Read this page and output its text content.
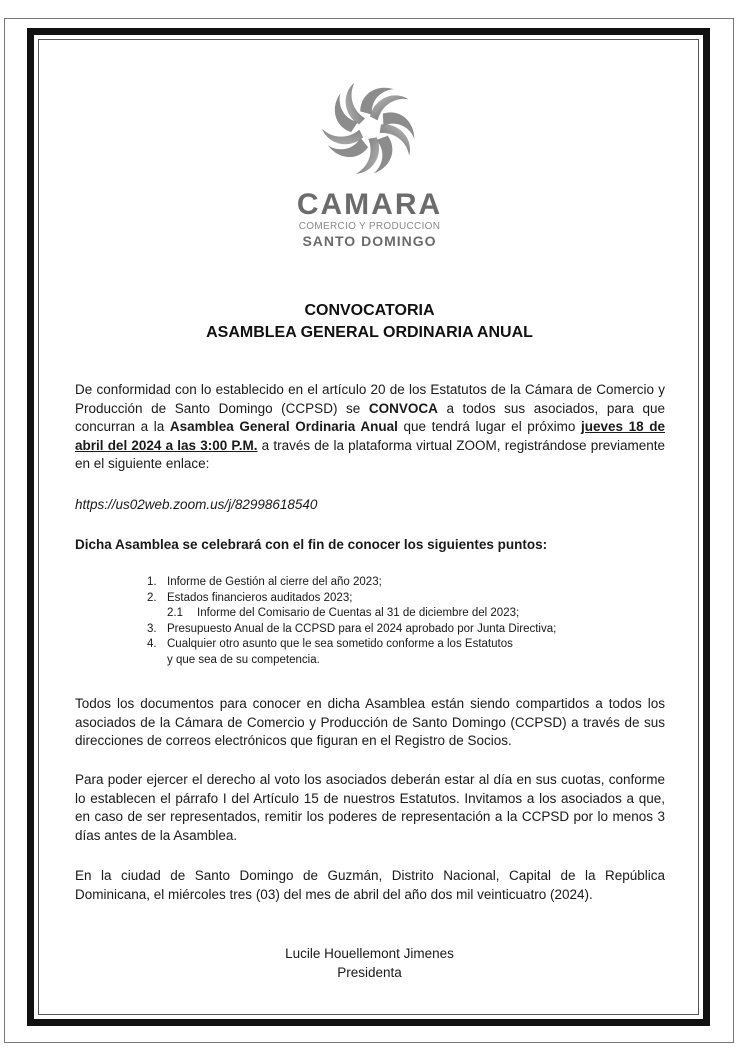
CAMARA
COMERCIO Y PRODUCCION
SANTO DOMINGO
CONVOCATORIA
ASAMBLEA GENERAL ORDINARIA ANUAL
De conformidad con lo establecido en el artículo 20 de los Estatutos de la Cámara de Comercio y Producción de Santo Domingo (CCPSD) se CONVOCA a todos sus asociados, para que concurran a la Asamblea General Ordinaria Anual que tendrá lugar el próximo jueves 18 de abril del 2024 a las 3:00 P.M. a través de la plataforma virtual ZOOM, registrándose previamente en el siguiente enlace:
https://us02web.zoom.us/j/82998618540
Dicha Asamblea se celebrará con el fin de conocer los siguientes puntos:
1. Informe de Gestión al cierre del año 2023;
2. Estados financieros auditados 2023;
2.1	Informe del Comisario de Cuentas al 31 de diciembre del 2023;
3. Presupuesto Anual de la CCPSD para el 2024 aprobado por Junta Directiva;
4. Cualquier otro asunto que le sea sometido conforme a los Estatutos
y que sea de su competencia.
Todos los documentos para conocer en dicha Asamblea están siendo compartidos a todos los asociados de la Cámara de Comercio y Producción de Santo Domingo (CCPSD) a través de sus direcciones de correos electrónicos que figuran en el Registro de Socios.
Para poder ejercer el derecho al voto los asociados deberán estar al día en sus cuotas, conforme lo establecen el párrafo I del Artículo 15 de nuestros Estatutos. Invitamos a los asociados a que, en caso de ser representados, remitir los poderes de representación a la CCPSD por lo menos 3 días antes de la Asamblea.
En la ciudad de Santo Domingo de Guzmán, Distrito Nacional, Capital de la República Dominicana, el miércoles tres (03) del mes de abril del año dos mil veinticuatro (2024).
Lucile Houellemont Jimenes
Presidenta
